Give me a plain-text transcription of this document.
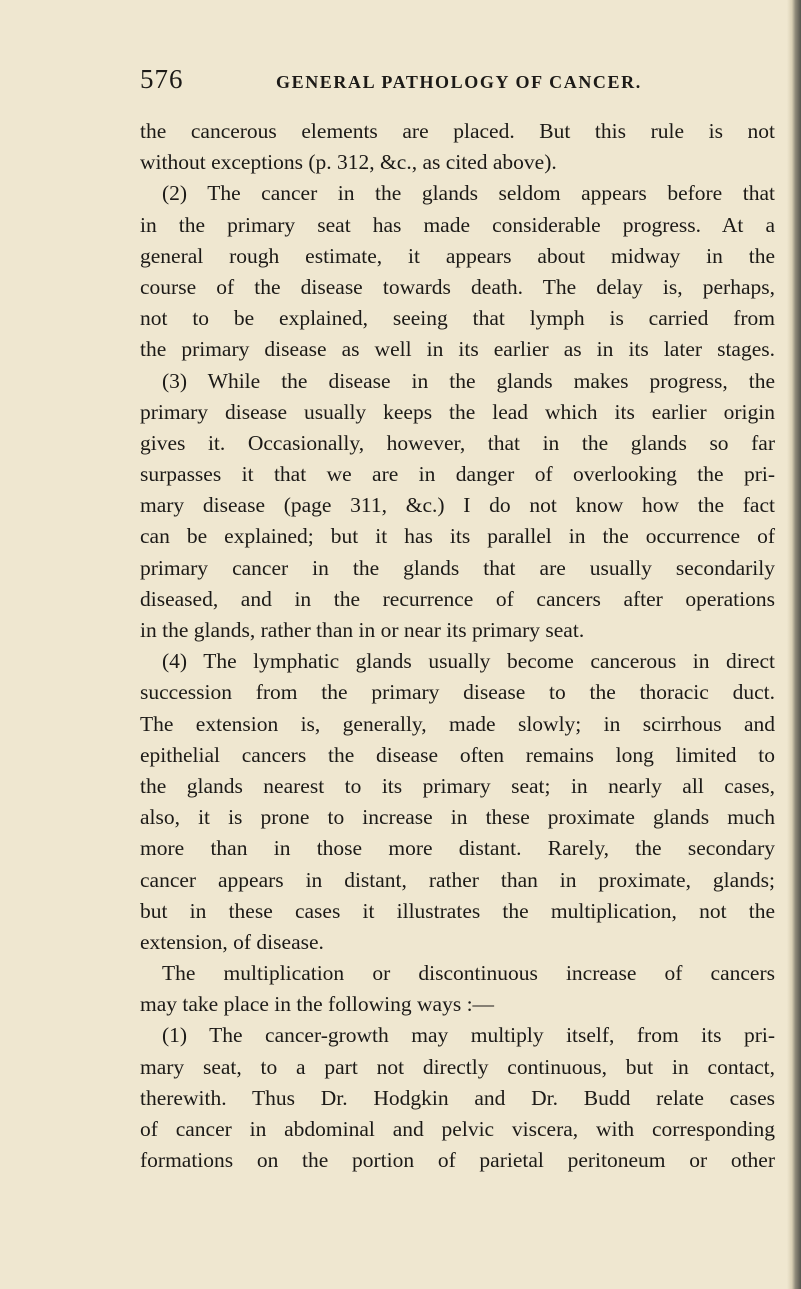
576	GENERAL PATHOLOGY OF CANCER.
the cancerous elements are placed. But this rule is not
without exceptions (p. 312, &c., as cited above).
(2) The cancer in the glands seldom appears before that
in the primary seat has made considerable progress. At a
general rough estimate, it appears about midway in the
course of the disease towards death. The delay is, perhaps,
not to be explained, seeing that lymph is carried from
the primary disease as well in its earlier as in its later stages.
(3) While the disease in the glands makes progress, the
primary disease usually keeps the lead which its earlier origin
gives it. Occasionally, however, that in the glands so far
surpasses it that we are in danger of overlooking the pri-
mary disease (page 311, &c.) I do not know how the fact
can be explained; but it has its parallel in the occurrence of
primary cancer in the glands that are usually secondarily
diseased, and in the recurrence of cancers after operations
in the glands, rather than in or near its primary seat.
(4) The lymphatic glands usually become cancerous in direct
succession from the primary disease to the thoracic duct.
The extension is, generally, made slowly; in scirrhous and
epithelial cancers the disease often remains long limited to
the glands nearest to its primary seat; in nearly all cases,
also, it is prone to increase in these proximate glands much
more than in those more distant. Rarely, the secondary
cancer appears in distant, rather than in proximate, glands;
but in these cases it illustrates the multiplication, not the
extension, of disease.
The multiplication or discontinuous increase of cancers
may take place in the following ways :—
(1) The cancer-growth may multiply itself, from its pri-
mary seat, to a part not directly continuous, but in contact,
therewith. Thus Dr. Hodgkin and Dr. Budd relate cases
of cancer in abdominal and pelvic viscera, with corresponding
formations on the portion of parietal peritoneum or other
